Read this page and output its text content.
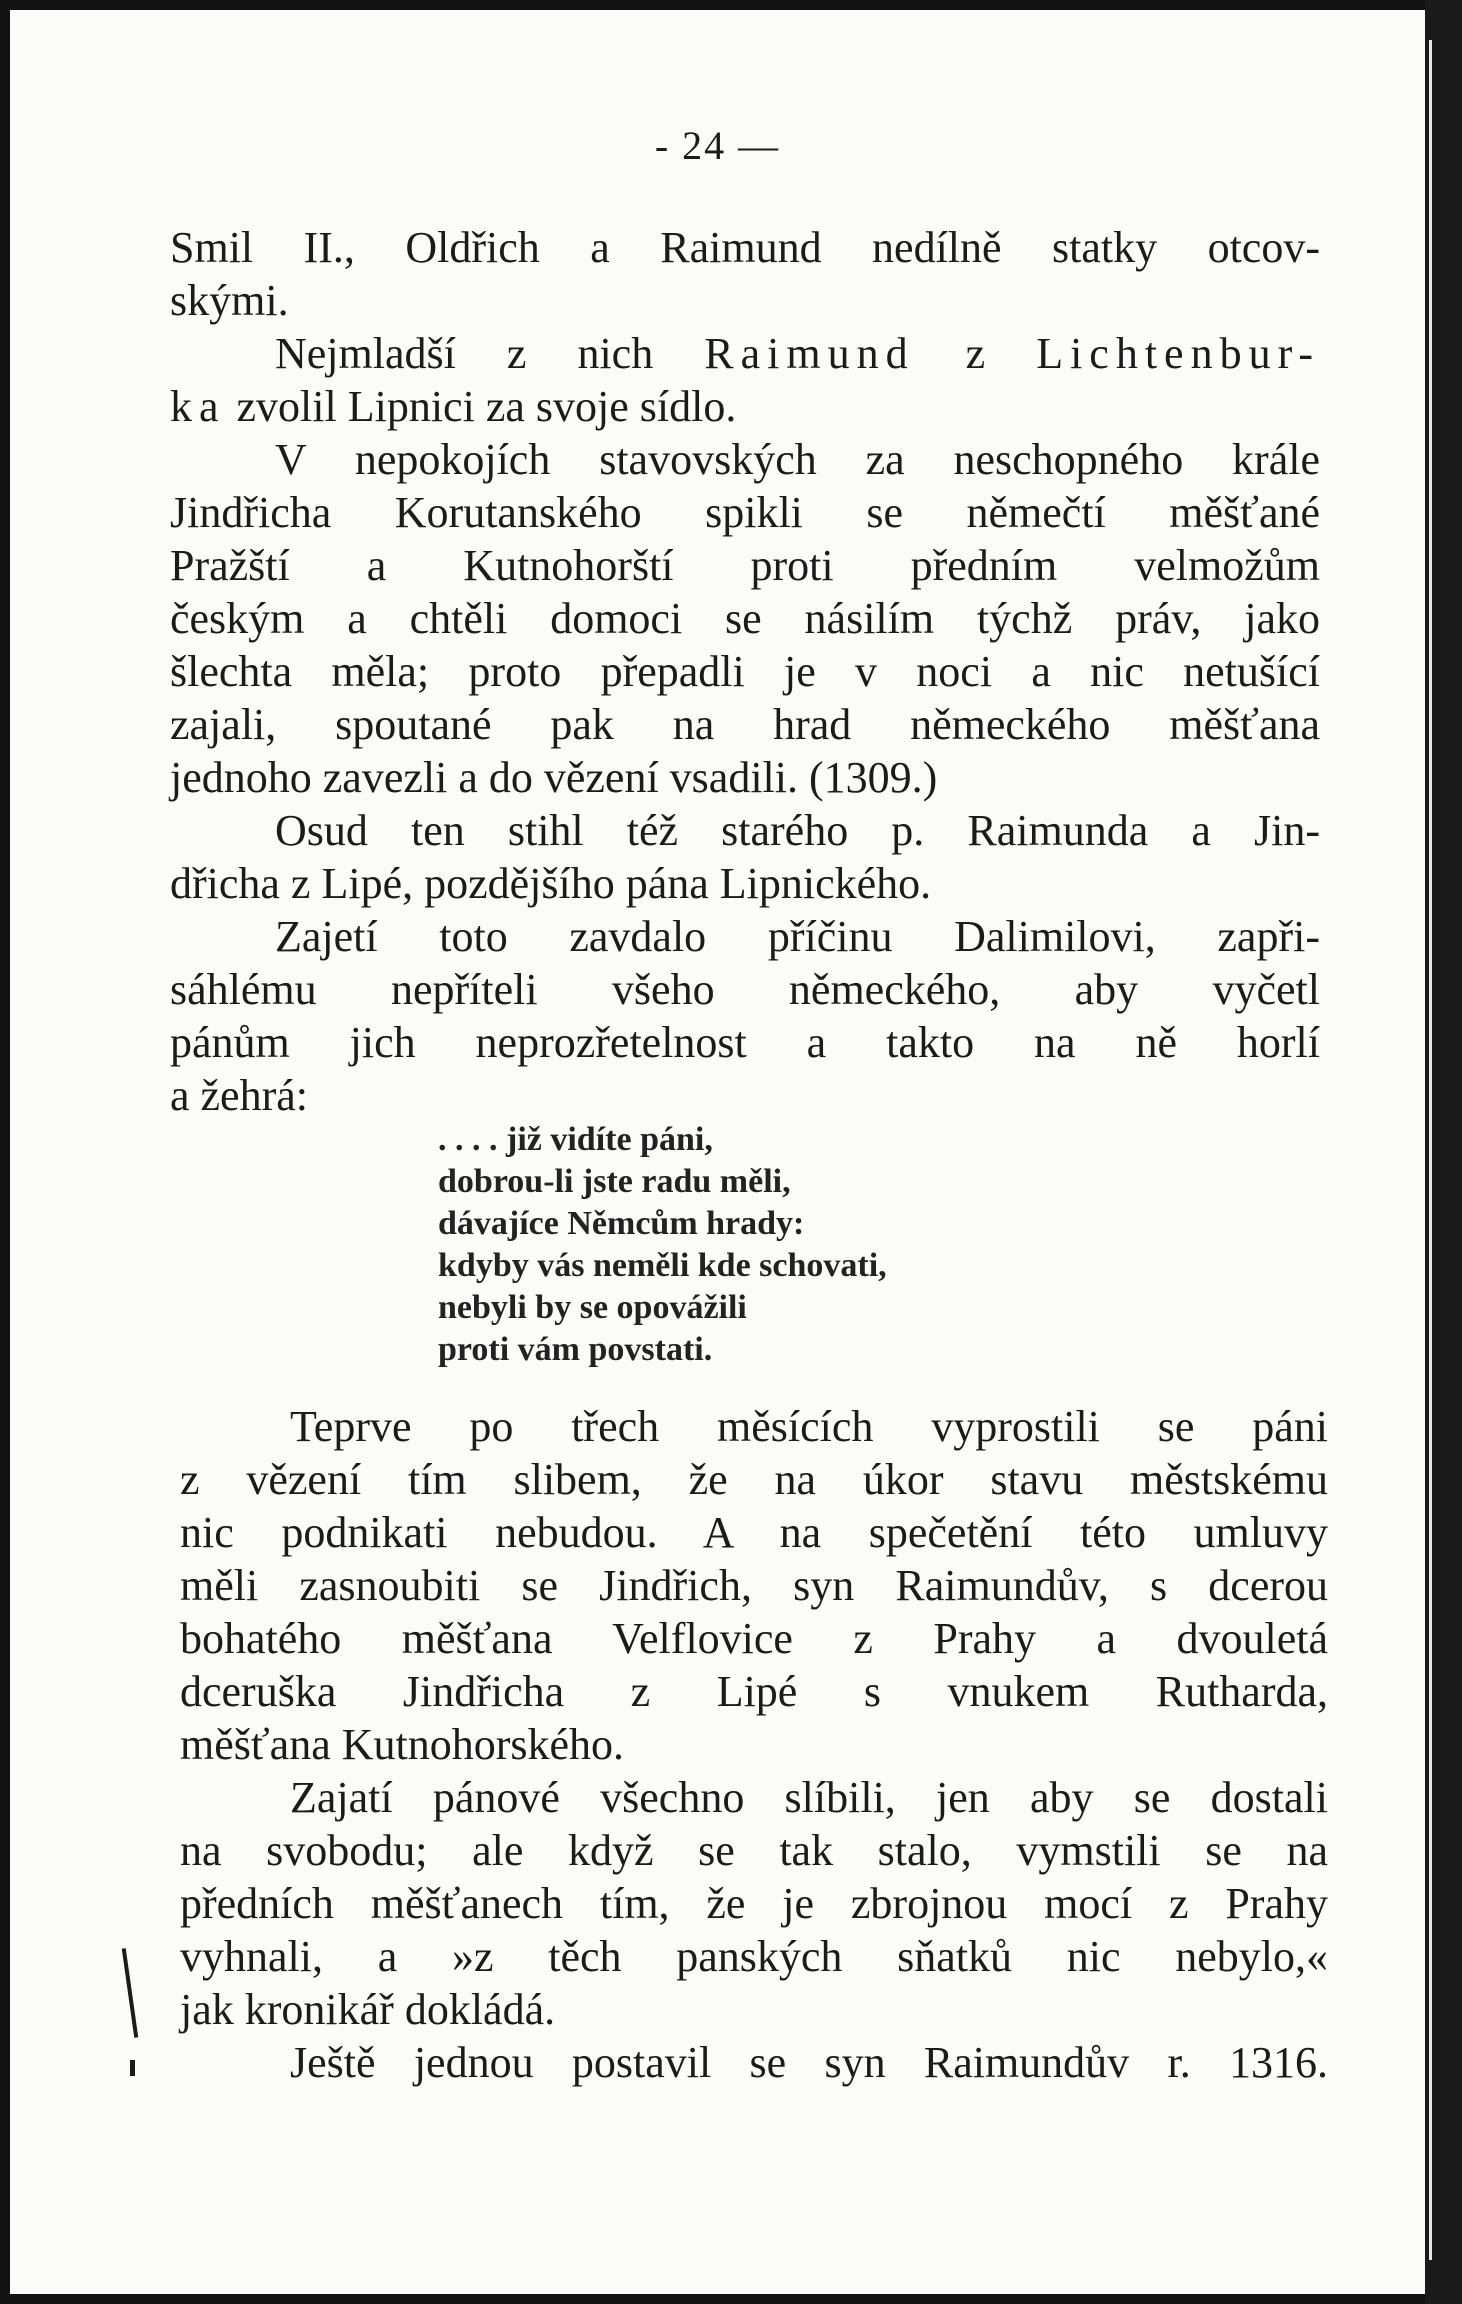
- 24 —
Smil II., Oldřich a Raimund nedílně statky otcov-
skými.
Nejmladší z nich Raimund z Lichtenbur-
ka zvolil Lipnici za svoje sídlo.
V nepokojích stavovských za neschopného krále
Jindřicha Korutanského spikli se němečtí měšťané
Pražští a Kutnohorští proti předním velmožům
českým a chtěli domoci se násilím týchž práv, jako
šlechta měla; proto přepadli je v noci a nic netušící
zajali, spoutané pak na hrad německého měšťana
jednoho zavezli a do vězení vsadili. (1309.)
Osud ten stihl též starého p. Raimunda a Jin-
dřicha z Lipé, pozdějšího pána Lipnického.
Zajetí toto zavdalo příčinu Dalimilovi, zapři-
sáhlému nepříteli všeho německého, aby vyčetl
pánům jich neprozřetelnost a takto na ně horlí
a žehrá:
. . . . již vidíte páni,
dobrou-li jste radu měli,
dávajíce Němcům hrady:
kdyby vás neměli kde schovati,
nebyli by se opovážili
proti vám povstati.
Teprve po třech měsících vyprostili se páni
z vězení tím slibem, že na úkor stavu městskému
nic podnikati nebudou. A na spečetění této umluvy
měli zasnoubiti se Jindřich, syn Raimundův, s dcerou
bohatého měšťana Velflovice z Prahy a dvouletá
dceruška Jindřicha z Lipé s vnukem Rutharda,
měšťana Kutnohorského.
Zajatí pánové všechno slíbili, jen aby se dostali
na svobodu; ale když se tak stalo, vymstili se na
předních měšťanech tím, že je zbrojnou mocí z Prahy
vyhnali, a »z těch panských sňatků nic nebylo,«
jak kronikář dokládá.
Ještě jednou postavil se syn Raimundův r. 1316.
